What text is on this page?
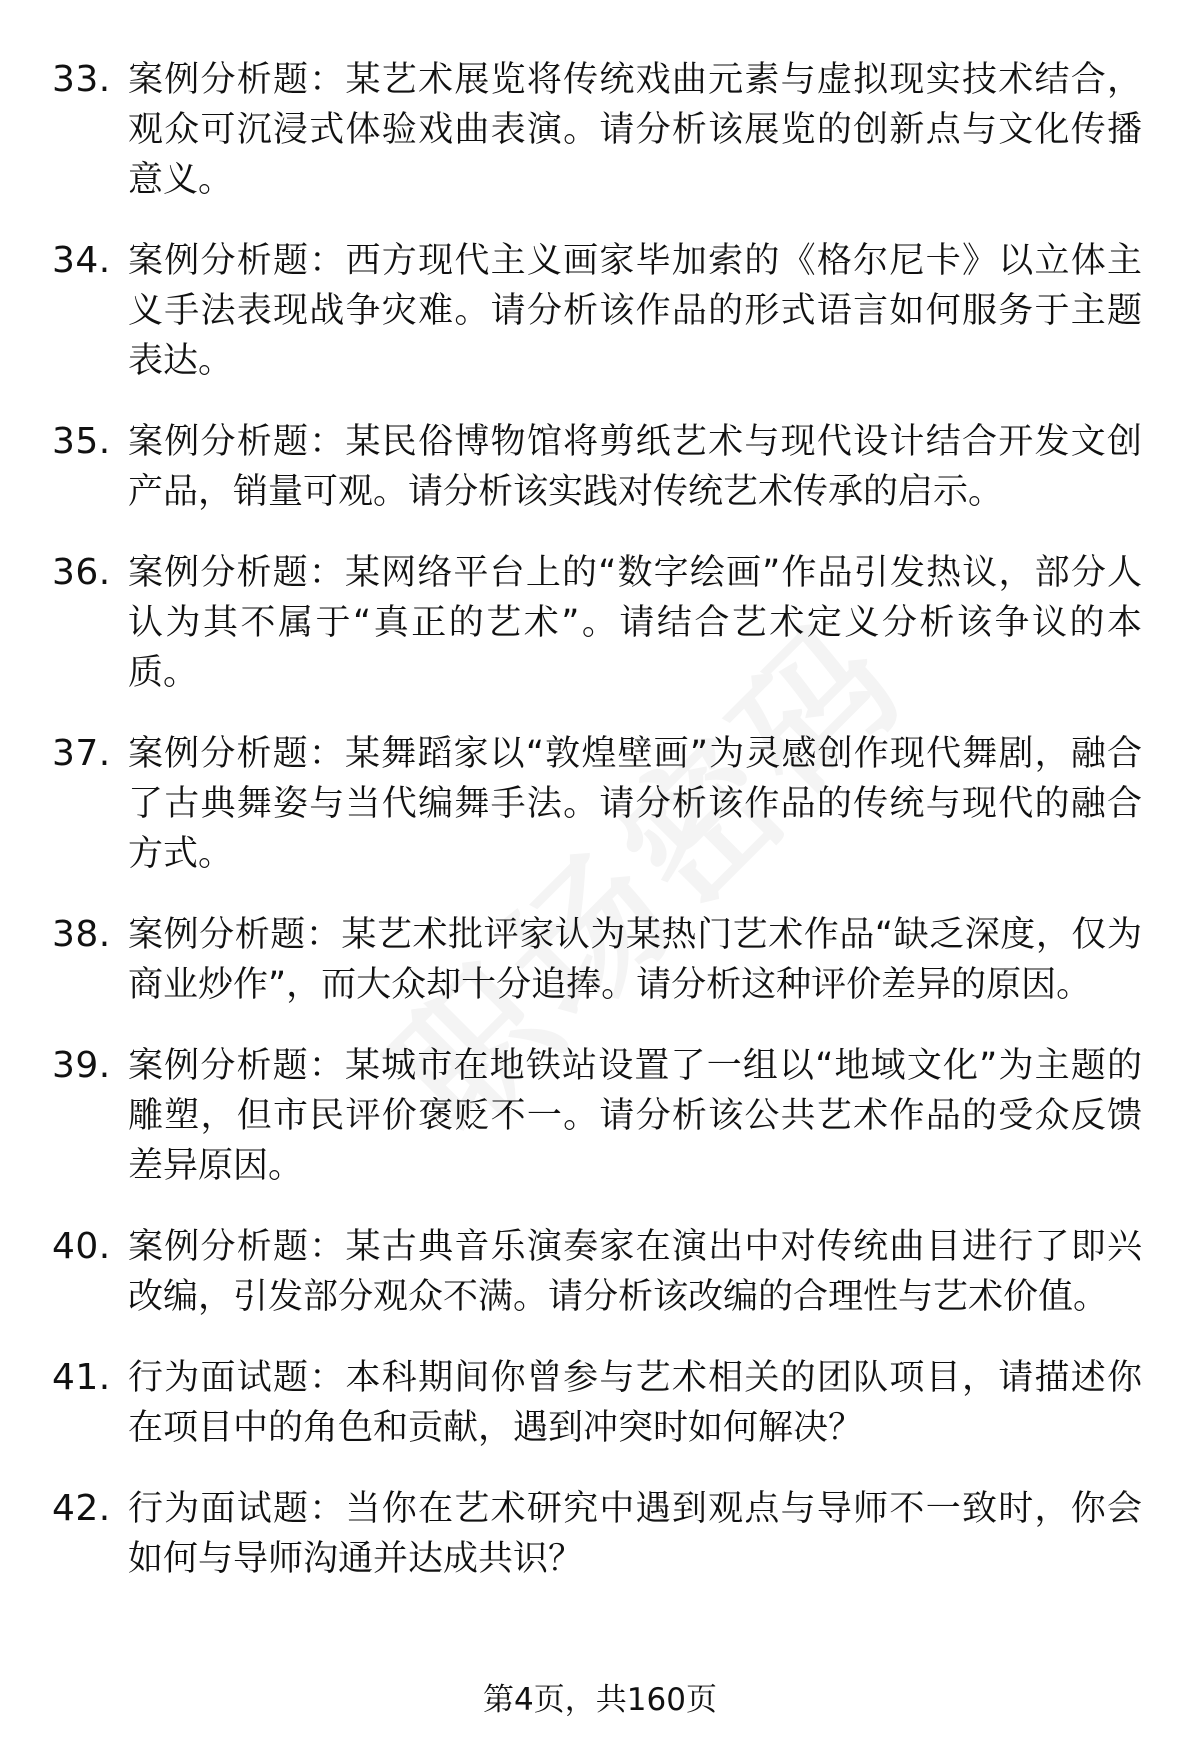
33. 案例分析题：某艺术展览将传统戏曲元素与虚拟现实技术结合，观众可沉浸式体验戏曲表演。请分析该展览的创新点与文化传播意义。
34. 案例分析题：西方现代主义画家毕加索的《格尔尼卡》以立体主义手法表现战争灾难。请分析该作品的形式语言如何服务于主题表达。
35. 案例分析题：某民俗博物馆将剪纸艺术与现代设计结合开发文创产品，销量可观。请分析该实践对传统艺术传承的启示。
36. 案例分析题：某网络平台上的“数字绘画”作品引发热议，部分人认为其不属于“真正的艺术”。请结合艺术定义分析该争议的本质。
37. 案例分析题：某舞蹈家以“敦煌壁画”为灵感创作现代舞剧，融合了古典舞姿与当代编舞手法。请分析该作品的传统与现代的融合方式。
38. 案例分析题：某艺术批评家认为某热门艺术作品“缺乏深度，仅为商业炒作”，而大众却十分追捧。请分析这种评价差异的原因。
39. 案例分析题：某城市在地铁站设置了一组以“地域文化”为主题的雕塑，但市民评价褒贬不一。请分析该公共艺术作品的受众反馈差异原因。
40. 案例分析题：某古典音乐演奏家在演出中对传统曲目进行了即兴改编，引发部分观众不满。请分析该改编的合理性与艺术价值。
41. 行为面试题：本科期间你曾参与艺术相关的团队项目，请描述你在项目中的角色和贡献，遇到冲突时如何解决？
42. 行为面试题：当你在艺术研究中遇到观点与导师不一致时，你会如何与导师沟通并达成共识？
第4页，共160页
